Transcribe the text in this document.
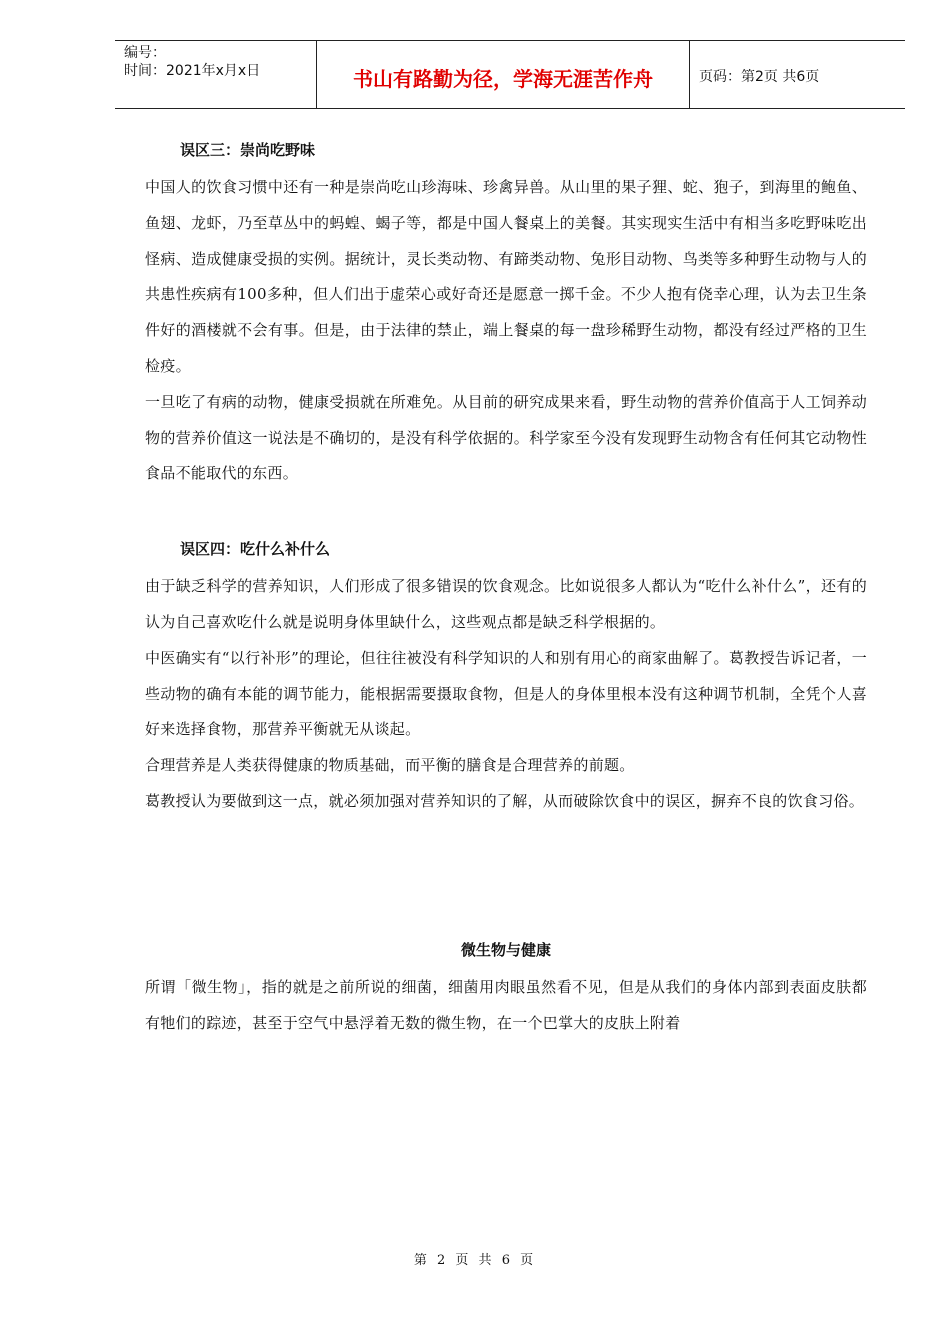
编号：
时间：2021年x月x日	书山有路勤为径，学海无涯苦作舟	页码：第2页 共6页
误区三：崇尚吃野味

中国人的饮食习惯中还有一种是崇尚吃山珍海味、珍禽异兽。从山里的果子狸、蛇、狍子，到海里的鲍鱼、鱼翅、龙虾，乃至草丛中的蚂蝗、蝎子等，都是中国人餐桌上的美餐。其实现实生活中有相当多吃野味吃出怪病、造成健康受损的实例。据统计，灵长类动物、有蹄类动物、兔形目动物、鸟类等多种野生动物与人的共患性疾病有100多种，但人们出于虚荣心或好奇还是愿意一掷千金。不少人抱有侥幸心理，认为去卫生条件好的酒楼就不会有事。但是，由于法律的禁止，端上餐桌的每一盘珍稀野生动物，都没有经过严格的卫生检疫。

一旦吃了有病的动物，健康受损就在所难免。从目前的研究成果来看，野生动物的营养价值高于人工饲养动物的营养价值这一说法是不确切的，是没有科学依据的。科学家至今没有发现野生动物含有任何其它动物性食品不能取代的东西。

误区四：吃什么补什么

由于缺乏科学的营养知识，人们形成了很多错误的饮食观念。比如说很多人都认为“吃什么补什么”，还有的认为自己喜欢吃什么就是说明身体里缺什么，这些观点都是缺乏科学根据的。

中医确实有“以行补形”的理论，但往往被没有科学知识的人和别有用心的商家曲解了。葛教授告诉记者，一些动物的确有本能的调节能力，能根据需要摄取食物，但是人的身体里根本没有这种调节机制，全凭个人喜好来选择食物，那营养平衡就无从谈起。

合理营养是人类获得健康的物质基础，而平衡的膳食是合理营养的前题。

葛教授认为要做到这一点，就必须加强对营养知识的了解，从而破除饮食中的误区，摒弃不良的饮食习俗。

微生物与健康

所谓「微生物」，指的就是之前所说的细菌，细菌用肉眼虽然看不见，但是从我们的身体内部到表面皮肤都有牠们的踪迹，甚至于空气中悬浮着无数的微生物，在一个巴掌大的皮肤上附着

第 2 页 共 6 页
